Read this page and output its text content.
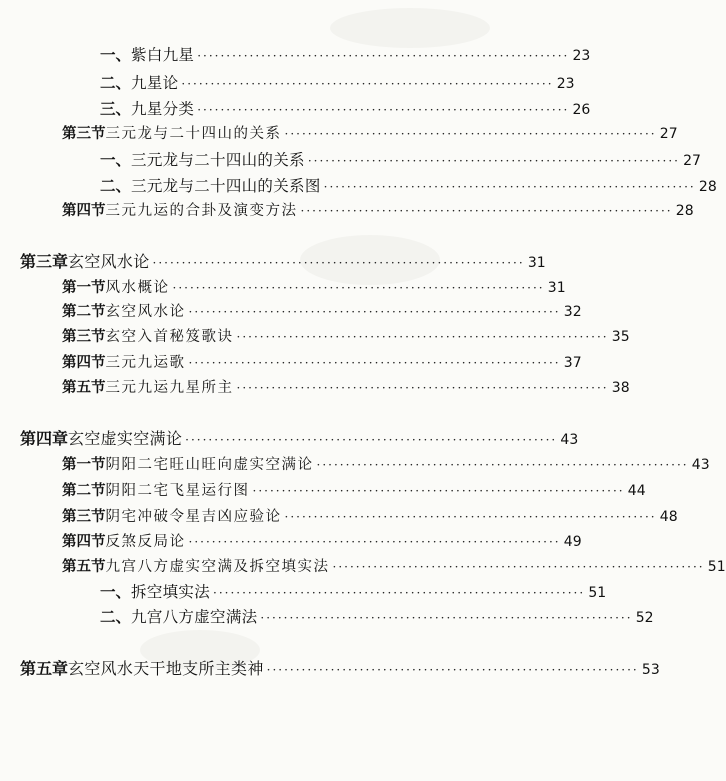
一、 紫白九星 ································································ 23
二、 九星论 ································································ 23
三、 九星分类 ································································ 26
第三节 三元龙与二十四山的关系 ································································ 27
一、 三元龙与二十四山的关系 ································································ 27
二、 三元龙与二十四山的关系图 ································································ 28
第四节 三元九运的合卦及演变方法 ································································ 28
第三章 玄空风水论 ································································ 31
第一节 风水概论 ································································ 31
第二节 玄空风水论 ································································ 32
第三节 玄空入首秘笈歌诀 ································································ 35
第四节 三元九运歌 ································································ 37
第五节 三元九运九星所主 ································································ 38
第四章 玄空虚实空满论 ································································ 43
第一节 阴阳二宅旺山旺向虚实空满论 ································································ 43
第二节 阴阳二宅飞星运行图 ································································ 44
第三节 阴宅冲破令星吉凶应验论 ································································ 48
第四节 反煞反局论 ································································ 49
第五节 九宫八方虚实空满及拆空填实法 ································································ 51
一、 拆空填实法 ································································ 51
二、 九宫八方虚空满法 ································································ 52
第五章 玄空风水天干地支所主类神 ································································ 53
